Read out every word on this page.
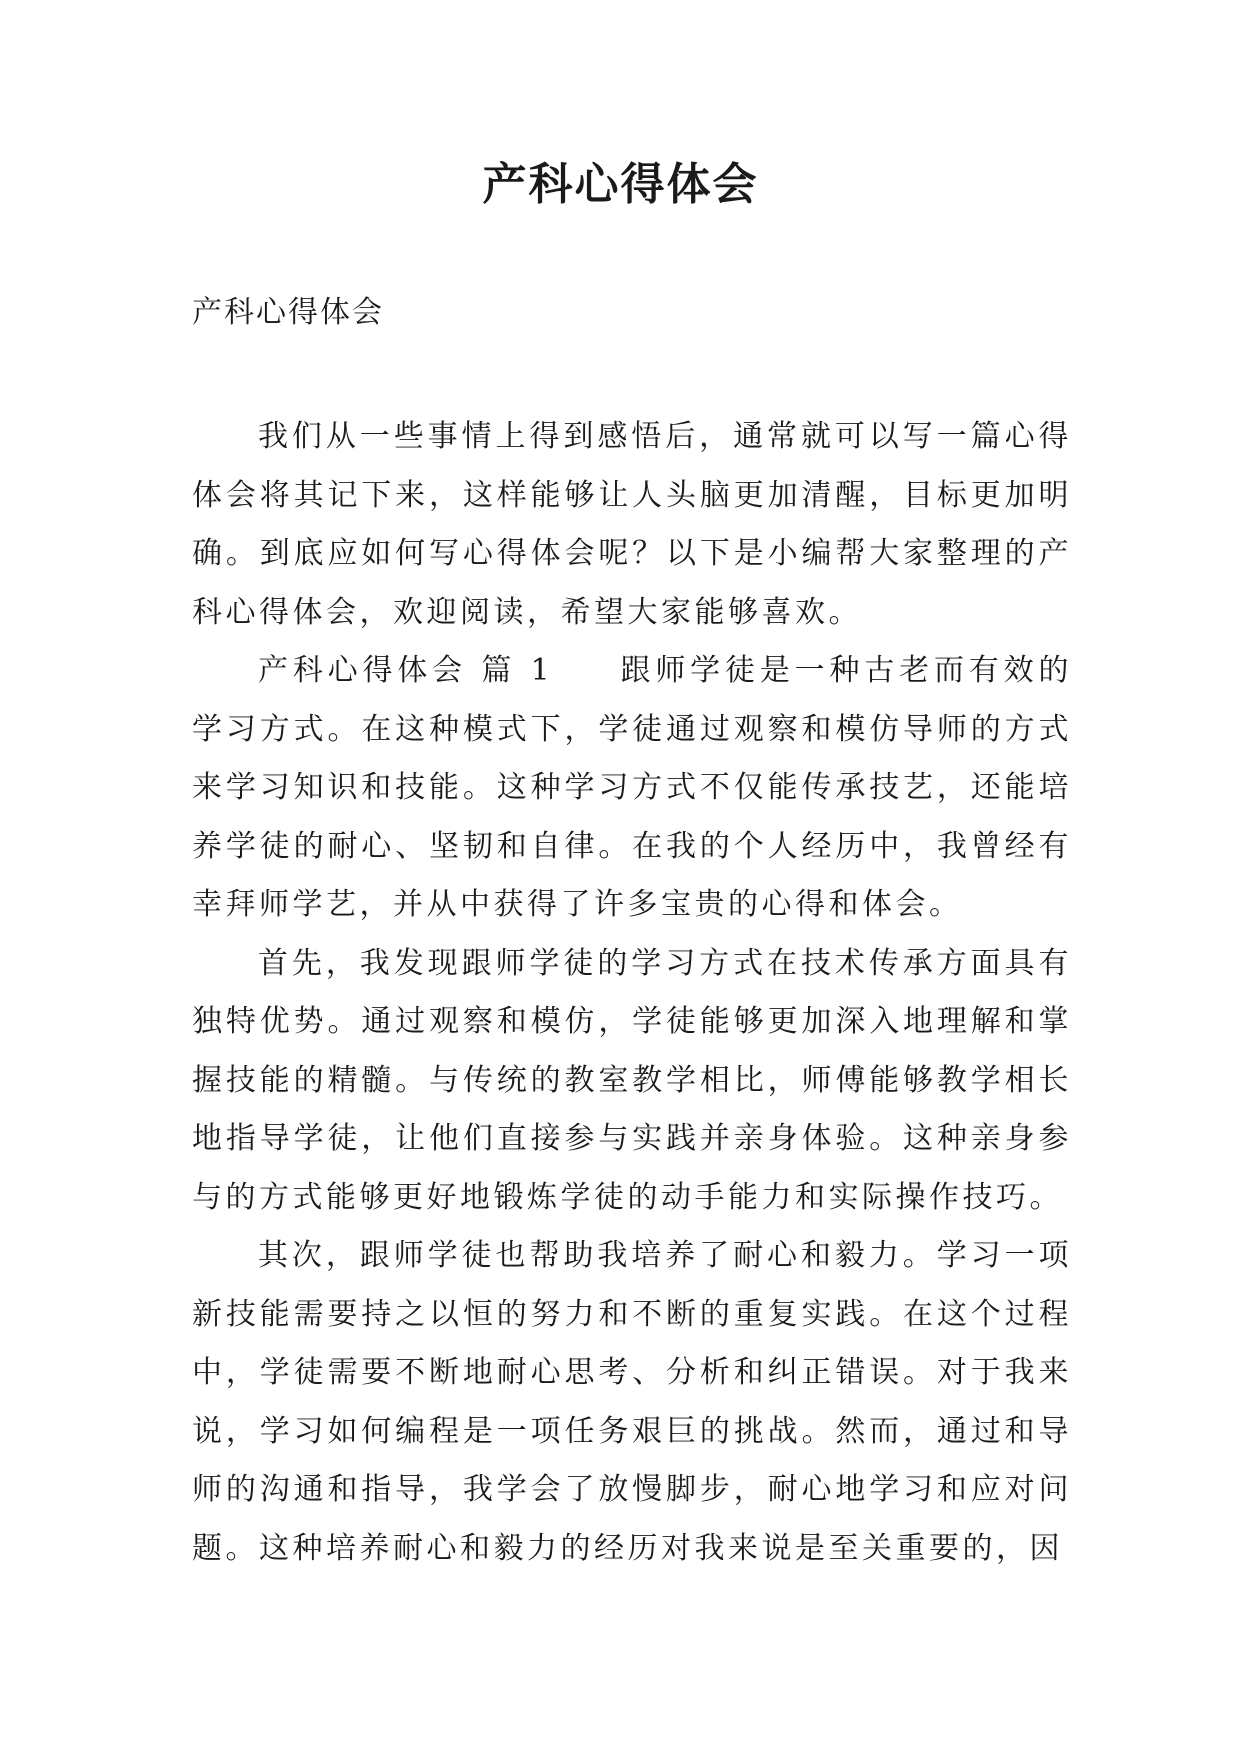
产科心得体会
产科心得体会

我们从一些事情上得到感悟后，通常就可以写一篇心得体会将其记下来，这样能够让人头脑更加清醒，目标更加明确。到底应如何写心得体会呢？以下是小编帮大家整理的产科心得体会，欢迎阅读，希望大家能够喜欢。

产科心得体会 篇 1 跟师学徒是一种古老而有效的学习方式。在这种模式下，学徒通过观察和模仿导师的方式来学习知识和技能。这种学习方式不仅能传承技艺，还能培养学徒的耐心、坚韧和自律。在我的个人经历中，我曾经有幸拜师学艺，并从中获得了许多宝贵的心得和体会。

首先，我发现跟师学徒的学习方式在技术传承方面具有独特优势。通过观察和模仿，学徒能够更加深入地理解和掌握技能的精髓。与传统的教室教学相比，师傅能够教学相长地指导学徒，让他们直接参与实践并亲身体验。这种亲身参与的方式能够更好地锻炼学徒的动手能力和实际操作技巧。

其次，跟师学徒也帮助我培养了耐心和毅力。学习一项新技能需要持之以恒的努力和不断的重复实践。在这个过程中，学徒需要不断地耐心思考、分析和纠正错误。对于我来说，学习如何编程是一项任务艰巨的挑战。然而，通过和导师的沟通和指导，我学会了放慢脚步，耐心地学习和应对问题。这种培养耐心和毅力的经历对我来说是至关重要的，因
